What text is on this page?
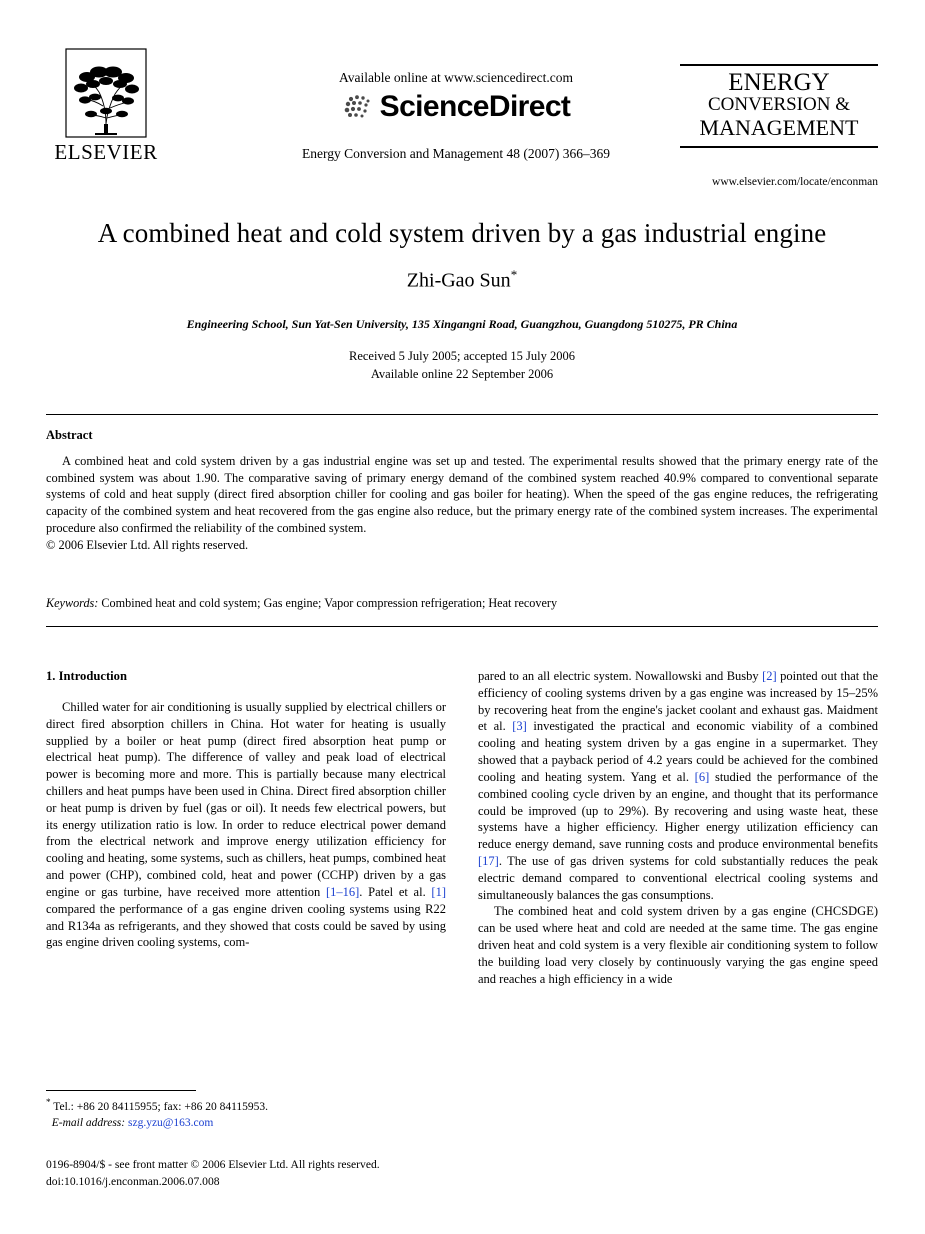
ELSEVIER
Available online at www.sciencedirect.com
ScienceDirect
Energy Conversion and Management 48 (2007) 366–369
ENERGY
CONVERSION &
MANAGEMENT
www.elsevier.com/locate/enconman
A combined heat and cold system driven by a gas industrial engine
Zhi-Gao Sun*
Engineering School, Sun Yat-Sen University, 135 Xingangni Road, Guangzhou, Guangdong 510275, PR China
Received 5 July 2005; accepted 15 July 2006
Available online 22 September 2006
Abstract
A combined heat and cold system driven by a gas industrial engine was set up and tested. The experimental results showed that the primary energy rate of the combined system was about 1.90. The comparative saving of primary energy demand of the combined system reached 40.9% compared to conventional separate systems of cold and heat supply (direct fired absorption chiller for cooling and gas boiler for heating). When the speed of the gas engine reduces, the refrigerating capacity of the combined system and heat recovered from the gas engine also reduce, but the primary energy rate of the combined system increases. The experimental procedure also confirmed the reliability of the combined system.
© 2006 Elsevier Ltd. All rights reserved.
Keywords: Combined heat and cold system; Gas engine; Vapor compression refrigeration; Heat recovery
1. Introduction

Chilled water for air conditioning is usually supplied by electrical chillers or direct fired absorption chillers in China. Hot water for heating is usually supplied by a boiler or heat pump (direct fired absorption heat pump or electrical heat pump). The difference of valley and peak load of electrical power is becoming more and more. This is partially because many electrical chillers and heat pumps have been used in China. Direct fired absorption chiller or heat pump is driven by fuel (gas or oil). It needs few electrical powers, but its energy utilization ratio is low. In order to reduce electrical power demand from the electrical network and improve energy utilization efficiency for cooling and heating, some systems, such as chillers, heat pumps, combined heat and power (CHP), combined cold, heat and power (CCHP) driven by a gas engine or gas turbine, have received more attention [1–16]. Patel et al. [1] compared the performance of a gas engine driven cooling systems using R22 and R134a as refrigerants, and they showed that costs could be saved by using gas engine driven cooling systems, com-

pared to an all electric system. Nowallowski and Busby [2] pointed out that the efficiency of cooling systems driven by a gas engine was increased by 15–25% by recovering heat from the engine's jacket coolant and exhaust gas. Maidment et al. [3] investigated the practical and economic viability of a combined cooling and heating system driven by a gas engine in a supermarket. They showed that a payback period of 4.2 years could be achieved for the combined cooling and heating system. Yang et al. [6] studied the performance of the combined cooling cycle driven by an engine, and thought that its performance could be improved (up to 29%). By recovering and using waste heat, these systems have a higher efficiency. Higher energy utilization efficiency can reduce energy demand, save running costs and produce environmental benefits [17]. The use of gas driven systems for cold substantially reduces the peak electric demand compared to conventional electrical cooling systems and simultaneously balances the gas consumptions.

The combined heat and cold system driven by a gas engine (CHCSDGE) can be used where heat and cold are needed at the same time. The gas engine driven heat and cold system is a very flexible air conditioning system to follow the building load very closely by continuously varying the gas engine speed and reaches a high efficiency in a wide

* Tel.: +86 20 84115955; fax: +86 20 84115953.
E-mail address: szg.yzu@163.com
0196-8904/$ - see front matter © 2006 Elsevier Ltd. All rights reserved.
doi:10.1016/j.enconman.2006.07.008
